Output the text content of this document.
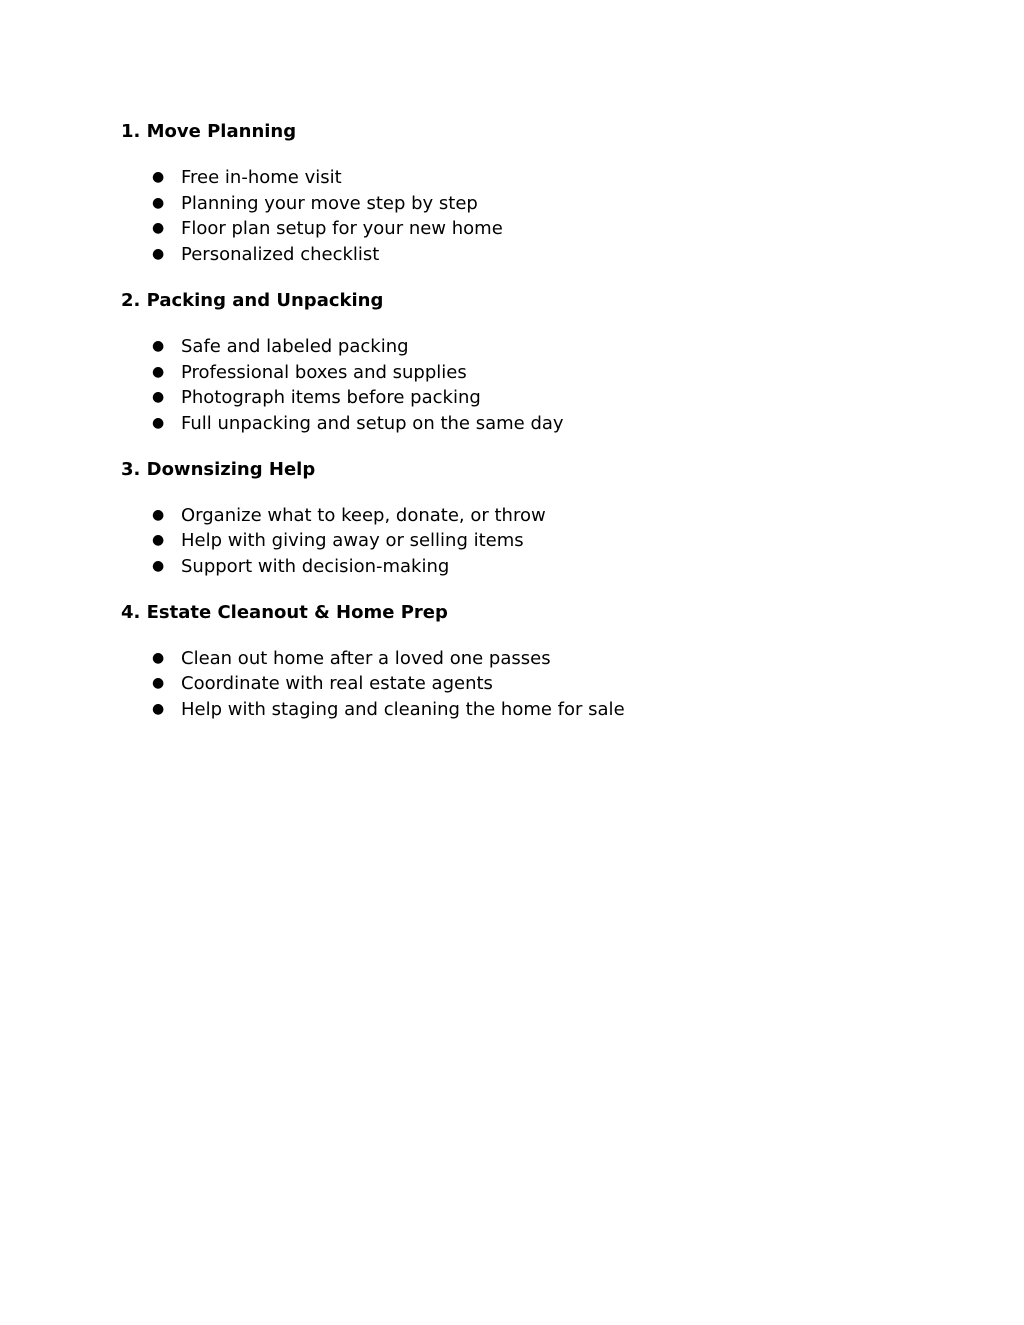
1. Move Planning
● Free in-home visit
● Planning your move step by step
● Floor plan setup for your new home
● Personalized checklist
2. Packing and Unpacking
● Safe and labeled packing
● Professional boxes and supplies
● Photograph items before packing
● Full unpacking and setup on the same day
3. Downsizing Help
● Organize what to keep, donate, or throw
● Help with giving away or selling items
● Support with decision-making
4. Estate Cleanout & Home Prep
● Clean out home after a loved one passes
● Coordinate with real estate agents
● Help with staging and cleaning the home for sale
